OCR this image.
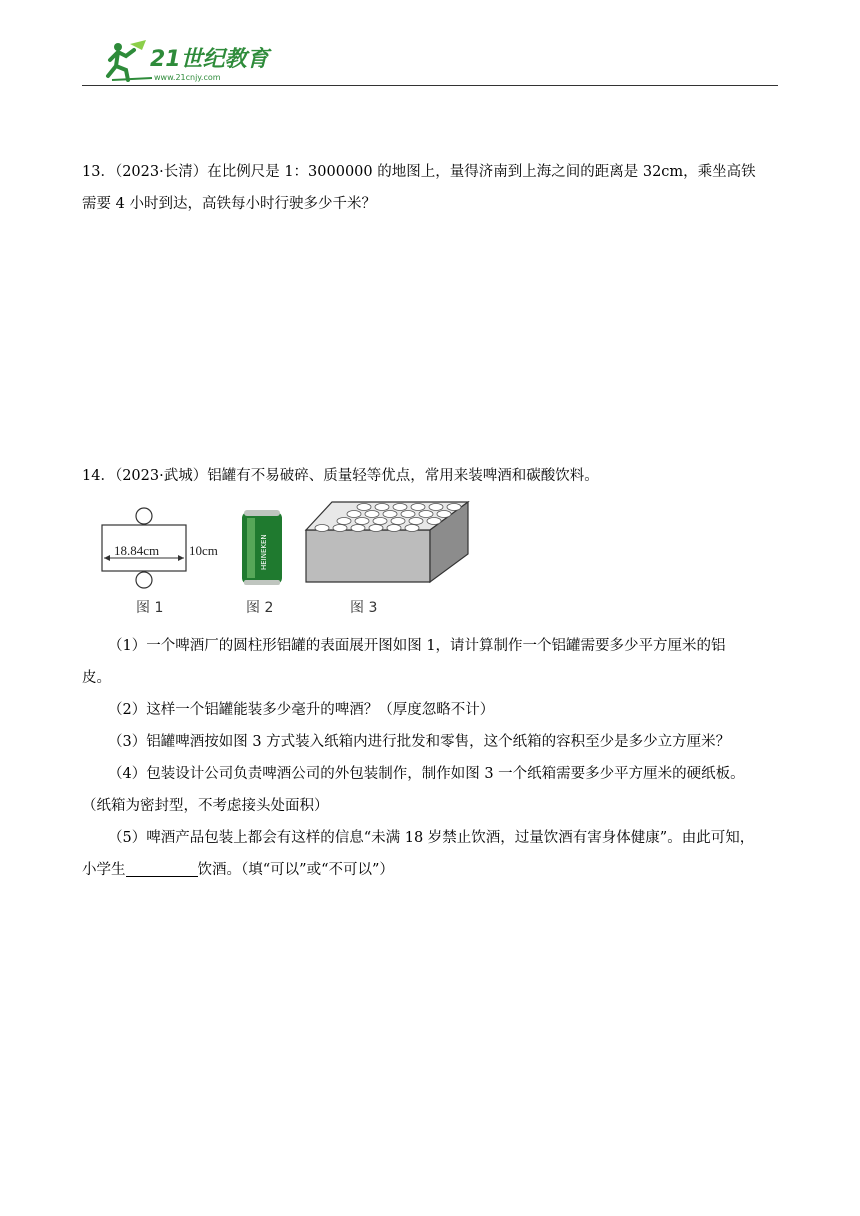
21世纪教育
www.21cnjy.com
13．（2023·长清）在比例尺是 1：3000000 的地图上，量得济南到上海之间的距离是 32cm，乘坐高铁
需要 4 小时到达，高铁每小时行驶多少千米？
14．（2023·武城）铝罐有不易破碎、质量轻等优点，常用来装啤酒和碳酸饮料。
18.84cm 10cm	HEINEKEN
图 1	图 2	图 3
（1）一个啤酒厂的圆柱形铝罐的表面展开图如图 1，请计算制作一个铝罐需要多少平方厘米的铝
皮。
（2）这样一个铝罐能装多少毫升的啤酒？（厚度忽略不计）
（3）铝罐啤酒按如图 3 方式装入纸箱内进行批发和零售，这个纸箱的容积至少是多少立方厘米？
（4）包装设计公司负责啤酒公司的外包装制作，制作如图 3 一个纸箱需要多少平方厘米的硬纸板。
（纸箱为密封型，不考虑接头处面积）
（5）啤酒产品包装上都会有这样的信息“未满 18 岁禁止饮酒，过量饮酒有害身体健康”。由此可知，
小学生	饮酒。（填“可以”或“不可以”）
